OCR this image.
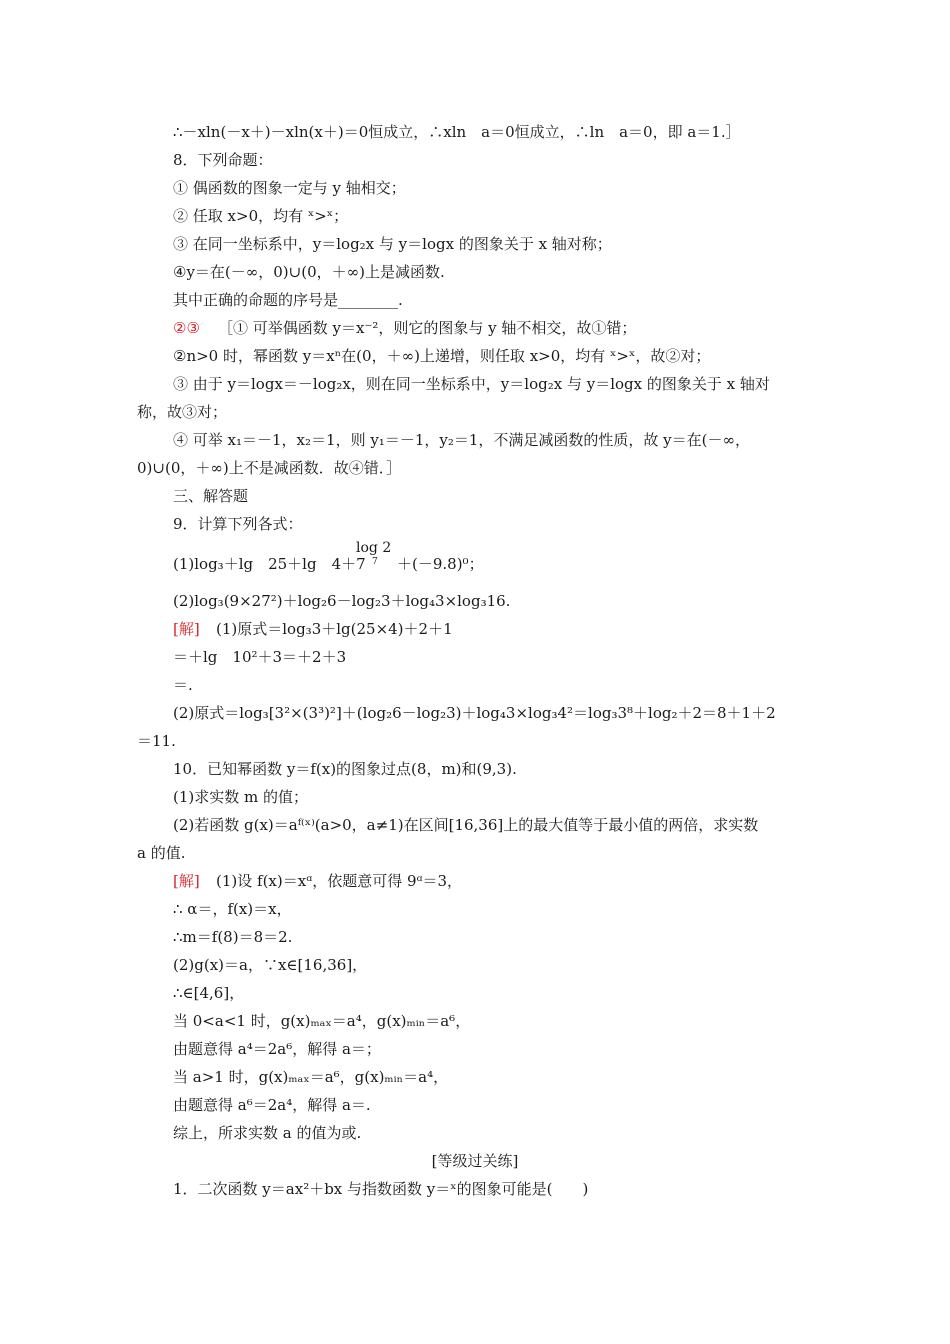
∴－xln(－x＋)－xln(x＋)＝0恒成立，∴xln　a＝0恒成立，∴ln　a＝0，即 a＝1.］
8．下列命题：
① 偶函数的图象一定与 y 轴相交；
② 任取 x>0，均有 ˣ>ˣ；
③ 在同一坐标系中，y＝log₂x 与 y＝logx 的图象关于 x 轴对称；
④y＝在(－∞，0)∪(0，＋∞)上是减函数.
其中正确的命题的序号是________.

②③

［① 可举偶函数 y＝x⁻²，则它的图象与 y 轴不相交，故①错；

②n>0 时，幂函数 y＝xⁿ在(0，＋∞)上递增，则任取 x>0，均有 ˣ>ˣ，故②对；
③ 由于 y＝logx＝－log₂x，则在同一坐标系中，y＝log₂x 与 y＝logx 的图象关于 x 轴对
称，故③对；
④ 可举 x₁＝－1，x₂＝1，则 y₁＝－1，y₂＝1，不满足减函数的性质，故 y＝在(－∞，
0)∪(0，＋∞)上不是减函数．故④错．］
三、解答题
9．计算下列各式：

(1)log₃＋lg　25＋lg　4＋7

log 2

7

＋(－9.8)⁰；

(2)log₃(9×27²)＋log₂6－log₂3＋log₄3×log₃16.

[解]

(1)原式＝log₃3＋lg(25×4)＋2＋1

＝＋lg　10²＋3＝＋2＋3
＝.
(2)原式＝log₃[3²×(3³)²]＋(log₂6－log₂3)＋log₄3×log₃4²＝log₃3⁸＋log₂＋2＝8＋1＋2
＝11.
10．已知幂函数 y＝f(x)的图象过点(8，m)和(9,3).
(1)求实数 m 的值；
(2)若函数 g(x)＝aᶠ⁽ˣ⁾(a>0，a≠1)在区间[16,36]上的最大值等于最小值的两倍，求实数
a 的值.

[解]

(1)设 f(x)＝xᵅ，依题意可得 9ᵅ＝3，

∴ α＝，f(x)＝x，
∴m＝f(8)＝8＝2.
(2)g(x)＝a，∵x∈[16,36]，
∴∈[4,6]，
当 0<a<1 时，g(x)ₘₐₓ＝a⁴，g(x)ₘᵢₙ＝a⁶，
由题意得 a⁴＝2a⁶，解得 a＝；
当 a>1 时，g(x)ₘₐₓ＝a⁶，g(x)ₘᵢₙ＝a⁴，
由题意得 a⁶＝2a⁴，解得 a＝.
综上，所求实数 a 的值为或.
[等级过关练]
1．二次函数 y＝ax²＋bx 与指数函数 y＝ˣ的图象可能是(　　)
